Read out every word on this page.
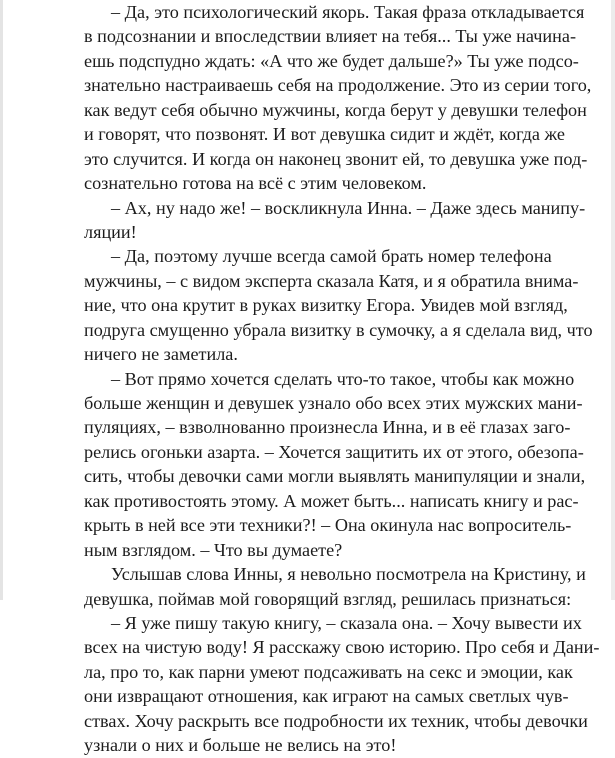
– Да, это психологический якорь. Такая фраза откладывается
в подсознании и впоследствии влияет на тебя... Ты уже начина-
ешь подспудно ждать: «А что же будет дальше?» Ты уже подсо-
знательно настраиваешь себя на продолжение. Это из серии того,
как ведут себя обычно мужчины, когда берут у девушки телефон
и говорят, что позвонят. И вот девушка сидит и ждёт, когда же
это случится. И когда он наконец звонит ей, то девушка уже под-
сознательно готова на всё с этим человеком.

– Ах, ну надо же! – воскликнула Инна. – Даже здесь манипу-
ляции!

– Да, поэтому лучше всегда самой брать номер телефона
мужчины, – с видом эксперта сказала Катя, и я обратила внима-
ние, что она крутит в руках визитку Егора. Увидев мой взгляд,
подруга смущенно убрала визитку в сумочку, а я сделала вид, что
ничего не заметила.

– Вот прямо хочется сделать что-то такое, чтобы как можно
больше женщин и девушек узнало обо всех этих мужских мани-
пуляциях, – взволнованно произнесла Инна, и в её глазах заго-
релись огоньки азарта. – Хочется защитить их от этого, обезопа-
сить, чтобы девочки сами могли выявлять манипуляции и знали,
как противостоять этому. А может быть... написать книгу и рас-
крыть в ней все эти техники?! – Она окинула нас вопроситель-
ным взглядом. – Что вы думаете?

Услышав слова Инны, я невольно посмотрела на Кристину, и
девушка, поймав мой говорящий взгляд, решилась признаться:

– Я уже пишу такую книгу, – сказала она. – Хочу вывести их
всех на чистую воду! Я расскажу свою историю. Про себя и Дани-
ла, про то, как парни умеют подсаживать на секс и эмоции, как
они извращают отношения, как играют на самых светлых чув-
ствах. Хочу раскрыть все подробности их техник, чтобы девочки
узнали о них и больше не велись на это!
